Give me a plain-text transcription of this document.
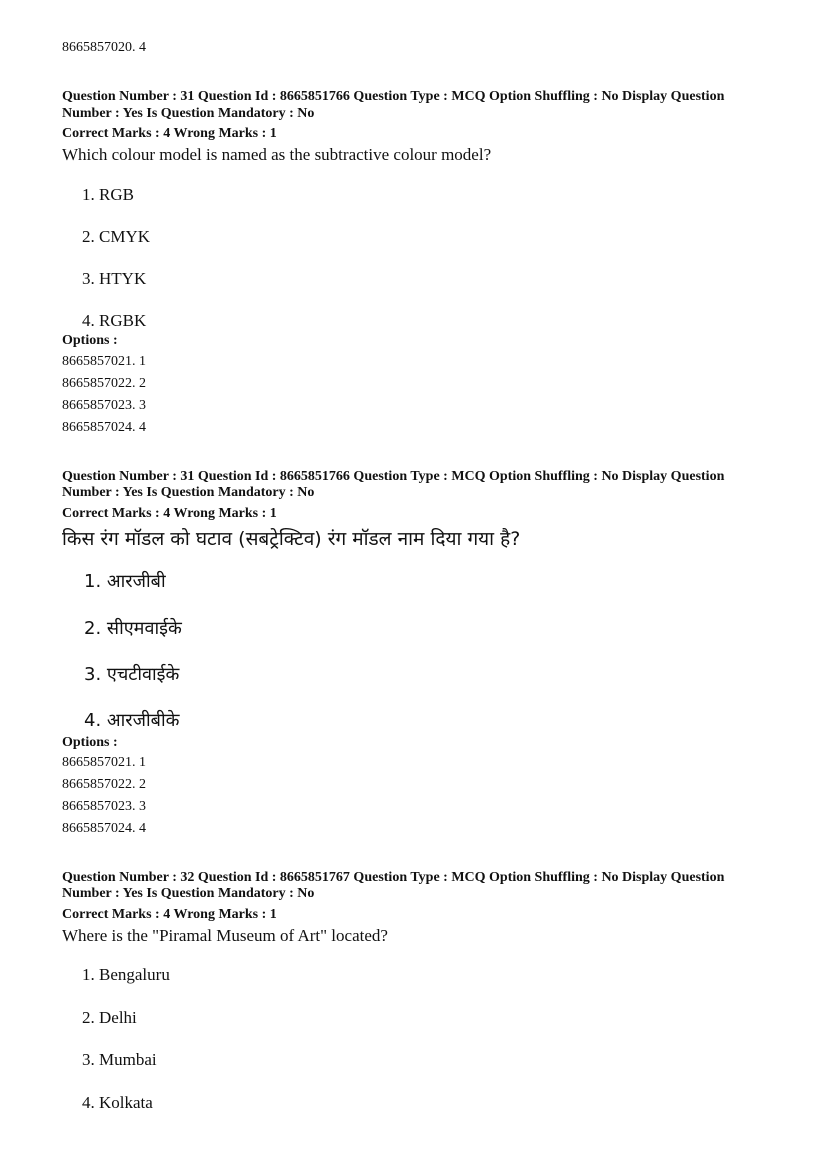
8665857020. 4
Question Number : 31 Question Id : 8665851766 Question Type : MCQ Option Shuffling : No Display Question
Number : Yes Is Question Mandatory : No
Correct Marks : 4 Wrong Marks : 1
Which colour model is named as the subtractive colour model?
1. RGB
2. CMYK
3. HTYK
4. RGBK
Options :
8665857021. 1
8665857022. 2
8665857023. 3
8665857024. 4
Question Number : 31 Question Id : 8665851766 Question Type : MCQ Option Shuffling : No Display Question
Number : Yes Is Question Mandatory : No
Correct Marks : 4 Wrong Marks : 1
किस रंग मॉडल को घटाव (सबट्रेक्टिव) रंग मॉडल नाम दिया गया है?
1. आरजीबी
2. सीएमवाईके
3. एचटीवाईके
4. आरजीबीके
Options :
8665857021. 1
8665857022. 2
8665857023. 3
8665857024. 4
Question Number : 32 Question Id : 8665851767 Question Type : MCQ Option Shuffling : No Display Question
Number : Yes Is Question Mandatory : No
Correct Marks : 4 Wrong Marks : 1
Where is the "Piramal Museum of Art" located?
1. Bengaluru
2. Delhi
3. Mumbai
4. Kolkata
